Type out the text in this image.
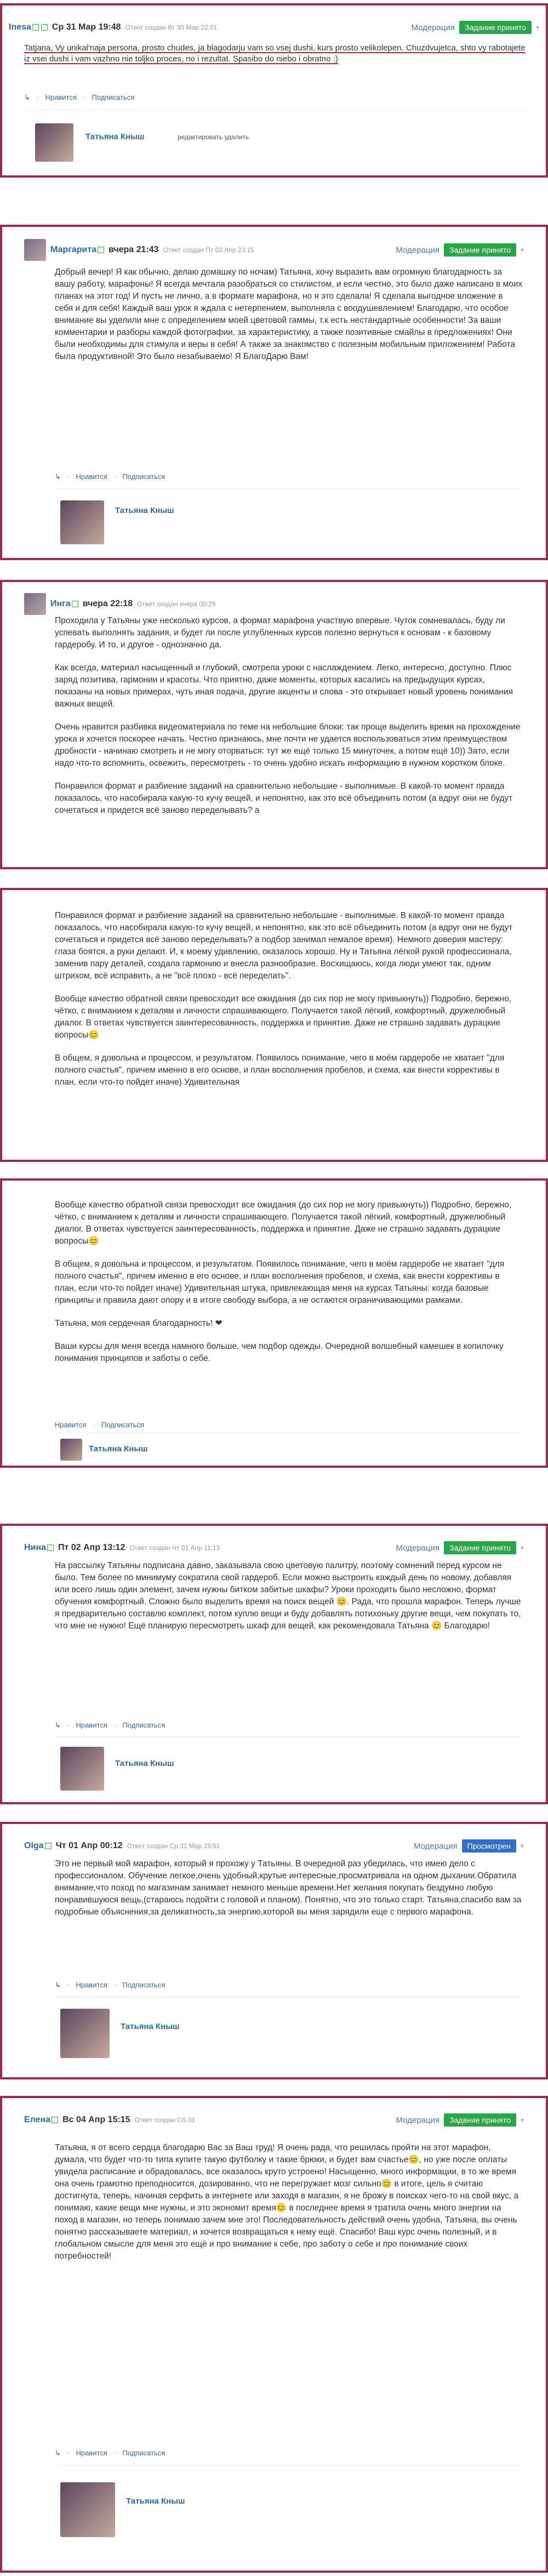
Inesa Ср 31 Мар 19:48 Ответ создан Вт 30 Мар 22:01	Модерация	Задание принято	▾

Tatjana, Vy unikal'naja persona, prosto chudes, ja blagodarju vam so vsej dushi, kurs prosto velikolepen. Chuzdvujetca, shto vy rabotajete iz vsei dushi i vam vazhno nie toljko proces, no i rezultat. Spasibo do niebo i obratno :)

↳ · Нравится · Подписаться
Татьяна Кныш	редактировать удалить
Маргарита вчера 21:43 Ответ создан Пт 02 Апр 23:15	Модерация	Задание принято	▾

Добрый вечер! Я как обычно, делаю домашку по ночам) Татьяна, хочу выразить вам огромную благодарность за вашу работу, марафоны! Я всегда мечтала разобраться со стилистом, и если честно, это было даже написано в моих планах на этот год! И пусть не лично, а в формате марафона, но я это сделала! Я сделала выгодное вложение в себя и для себя! Каждый ваш урок я ждала с нетерпением, выполняла с воодушевлением! Благодарю, что особое внимание вы уделили мне с определением моей цветовой гаммы, т.к есть нестандартные особенности! За ваши комментарии и разборы каждой фотографии, за характеристику, а также позитивные смайлы в предложениях! Они были необходимы для стимула и веры в себя! А также за знакомство с полезным мобильным приложением! Работа была продуктивной! Это было незабываемо! Я БлагоДарю Вам!

↳ · Нравится · Подписаться
Татьяна Кныш
Инга вчера 22:18 Ответ создан вчера 00:29

Проходила у Татьяны уже несколько курсов, а формат марафона участвую впервые. Чуток сомневалась, буду ли успевать выполнять задания, и будет ли после углубленных курсов полезно вернуться к основам - к базовому гардеробу. И то, и другое - однозначно да.

Как всегда, материал насыщенный и глубокий, смотрела уроки с наслаждением. Легко, интересно, доступно. Плюс заряд позитива, гармонии и красоты. Что приятно, даже моменты, которых касались на предыдущих курсах, показаны на новых примерах, чуть иная подача, другие акценты и слова - это открывает новый уровень понимания важных вещей.

Очень нравится разбивка видеоматериала по теме на небольшие блоки: так проще выделить время на прохождение урока и хочется поскорее начать. Честно признаюсь, мне почти не удается воспользоваться этим преимуществом дробности - начинаю смотреть и не могу оторваться: тут же ещё только 15 минуточек, а потом ещё 10)) Зато, если надо что-то вспомнить, освежить, пересмотреть - то очень удобно искать информацию в нужном коротком блоке.

Понравился формат и разбиение заданий на сравнительно небольшие - выполнимые. В какой-то момент правда показалось, что насобирала какую-то кучу вещей, и непонятно, как это всё объединить потом (а вдруг они не будут сочетаться и придется всё заново переделывать? а

Понравился формат и разбиение заданий на сравнительно небольшие - выполнимые. В какой-то момент правда показалось, что насобирала какую-то кучу вещей, и непонятно, как это всё объединить потом (а вдруг они не будут сочетаться и придется всё заново переделывать? а подбор занимал немалое время). Немного доверия мастеру: глаза боятся, а руки делают. И, к моему удивлению, оказалось хорошо. Ну и Татьяна лёгкой рукой профессионала, заменив пару деталей, создала гармонию и внесла разнообразие. Восхищаюсь, когда люди умеют так, одним штрихом, всё исправить, а не "всё плохо - всё переделать".

Вообще качество обратной связи превосходит все ожидания (до сих пор не могу привыкнуть)) Подробно, бережно, чётко, с вниманием к деталям и личности спрашивающего. Получается такой лёгкий, комфортный, дружелюбный диалог. В ответах чувствуется заинтересованность, поддержка и принятие. Даже не страшно задавать дурацкие вопросы😊

В общем, я довольна и процессом, и результатом. Появилось понимание, чего в моём гардеробе не хватает "для полного счастья", причем именно в его основе, и план восполнения пробелов, и схема, как внести коррективы в план, если что-то пойдет иначе) Удивительная

Вообще качество обратной связи превосходит все ожидания (до сих пор не могу привыкнуть)) Подробно, бережно, чётко, с вниманием к деталям и личности спрашивающего. Получается такой лёгкий, комфортный, дружелюбный диалог. В ответах чувствуется заинтересованность, поддержка и принятие. Даже не страшно задавать дурацкие вопросы😊

В общем, я довольна и процессом, и результатом. Появилось понимание, чего в моём гардеробе не хватает "для полного счастья", причем именно в его основе, и план восполнения пробелов, и схема, как внести коррективы в план, если что-то пойдет иначе) Удивительная штука, привлекающая меня на курсах Татьяны: когда базовые принципы и правила дают опору и в итоге свободу выбора, а не остаются ограничивающими рамками.

Татьяна, моя сердечная благодарность! ❤

Ваши курсы для меня всегда намного больше, чем подбор одежды. Очередной волшебный камешек в копилочку понимания принципов и заботы о себе.

Нравится · Подписаться
Татьяна Кныш
Нина Пт 02 Апр 13:12 Ответ создан Чт 01 Апр 11:13	Модерация	Задание принято	▾

На рассылку Татьяны подписана давно, заказывала свою цветовую палитру, поэтому сомнений перед курсом не было. Тем более по минимуму сократила свой гардероб. Если можно выстроить каждый день по новому, добавляя или всего лишь один элемент, зачем нужны битком забитые шкафы? Уроки проходить было несложно, формат обучения комфортный. Сложно было выделить время на поиск вещей 😊. Рада, что прошла марафон. Теперь лучше я предварительно составлю комплект, потом куплю вещи и буду добавлять потихоньку другие вещи, чем покупать то, что мне не нужно! Ещё планирую пересмотреть шкаф для вещей, как рекомендовала Татьяна 😊 Благодарю!

↳ · Нравится · Подписаться
Татьяна Кныш
Olga Чт 01 Апр 00:12 Ответ создан Ср 31 Мар 19:51	Модерация	Просмотрен	▾

Это не первый мой марафон, который я прохожу у Татьяны. В очередной раз убедилась, что имею дело с профессионалом. Обучение легкое,очень удобный,крутые интересные,просматривала на одном дыхании.Обратила внимание,что поход по магазинам занимает немного меньше времени.Нет желания покупать бездумно любую понравившуюся вещь,(стараюсь подойти с головой и планом). Понятно, что это только старт. Татьяна,спасибо вам за подробные объяснения,за деликатность,за энергию,которой вы меня зарядили еще с первого марафона.

↳ · Нравится · Подписаться
Татьяна Кныш
Елена Вс 04 Апр 15:15 Ответ создан Сб 03	Модерация	Задание принято	▾

Татьяна, я от всего сердца благодарю Вас за Ваш труд! Я очень рада, что решилась пройти на этот марафон, думала, что будет что-то типа купите такую футболку и такие брюки, и будет вам счастье😊, но уже после оплаты увидела расписание и обрадовалась, все оказалось круто устроено! Насыщенно, много информации, в то же время она очень грамотно преподносится, дозированно, что не перегружает мозг сильно😊 в итоге, цель я считаю достигнута, теперь, начиная серфить в интернете или заходя в магазин, я не брожу в поисках чего-то на свой вкус, а понимаю, какие вещи мне нужны, и это экономит время😊 в последнее время я тратила очень много энергии на поход в магазин, но теперь понимаю зачем мне это! Последовательность действий очень удобна, Татьяна, вы очень понятно рассказываете материал, и хочется возвращаться к нему ещё. Спасибо! Ваш курс очень полезный, и в глобальном смысле для меня это ещё и про внимание к себе, про заботу о себе и про понимание своих потребностей!

↳ · Нравится · Подписаться
Татьяна Кныш
